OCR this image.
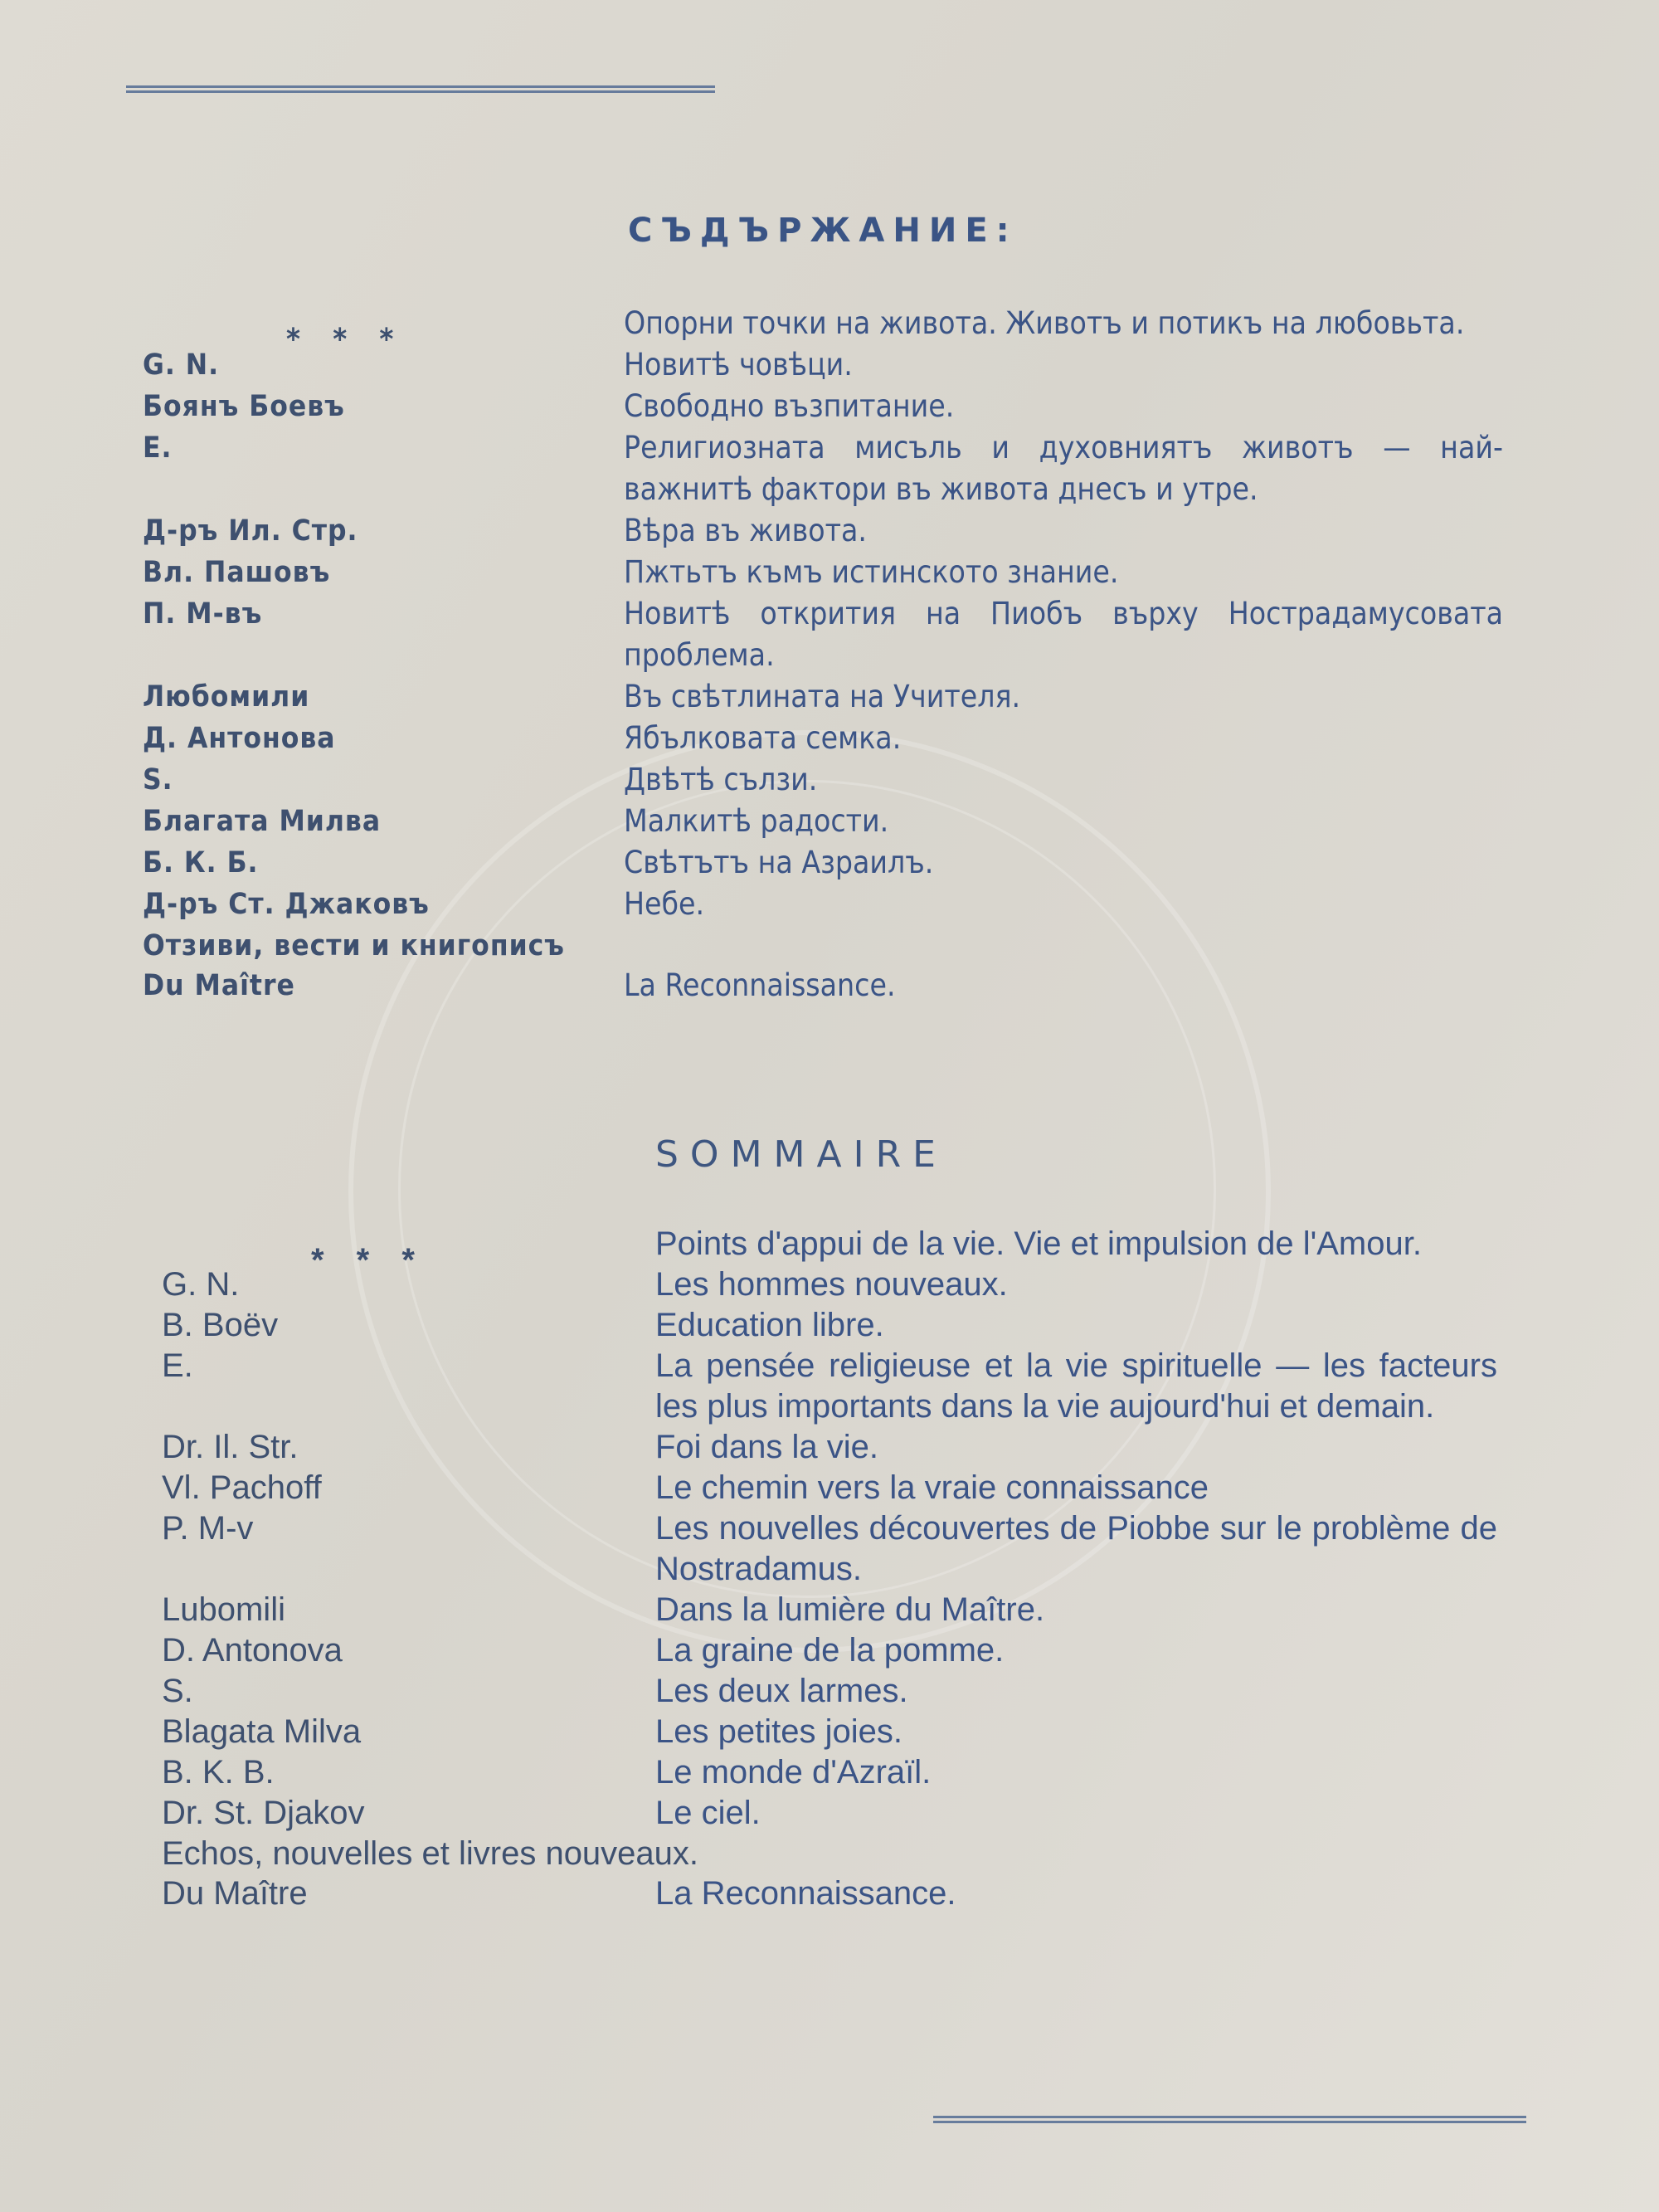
СЪДЪРЖАНИЕ:
* * *	Опорни точки на живота. Животъ и потикъ на любовьта.
G. N.	Новитѣ човѣци.
Боянъ Боевъ	Свободно възпитание.
E.	Религиозната мисъль и духовниятъ животъ — най-важнитѣ фактори въ живота днесъ и утре.
Д-ръ Ил. Стр.	Вѣра въ живота.
Вл. Пашовъ	Пжтьтъ къмъ истинското знание.
П. М-въ	Новитѣ открития на Пиобъ върху Нострадамусовата проблема.
Любомили	Въ свѣтлината на Учителя.
Д. Антонова	Ябълковата семка.
S.	Двѣтѣ сълзи.
Благата Милва	Малкитѣ радости.
Б. К. Б.	Свѣтътъ на Азраилъ.
Д-ръ Ст. Джаковъ	Небе.
Отзиви, вести и книгописъ
Du Maître	La Reconnaissance.
SOMMAIRE
* * *	Points d'appui de la vie. Vie et impulsion de l'Amour.
G. N.	Les hommes nouveaux.
B. Boëv	Education libre.
E.	La pensée religieuse et la vie spirituelle — les facteurs les plus importants dans la vie aujourd'hui et demain.
Dr. Il. Str.	Foi dans la vie.
Vl. Pachoff	Le chemin vers la vraie connaissance
P. M-v	Les nouvelles découvertes de Piobbe sur le problème de Nostradamus.
Lubomili	Dans la lumière du Maître.
D. Antonova	La graine de la pomme.
S.	Les deux larmes.
Blagata Milva	Les petites joies.
B. K. B.	Le monde d'Azraïl.
Dr. St. Djakov	Le ciel.
Echos, nouvelles et livres nouveaux.
Du Maître	La Reconnaissance.
